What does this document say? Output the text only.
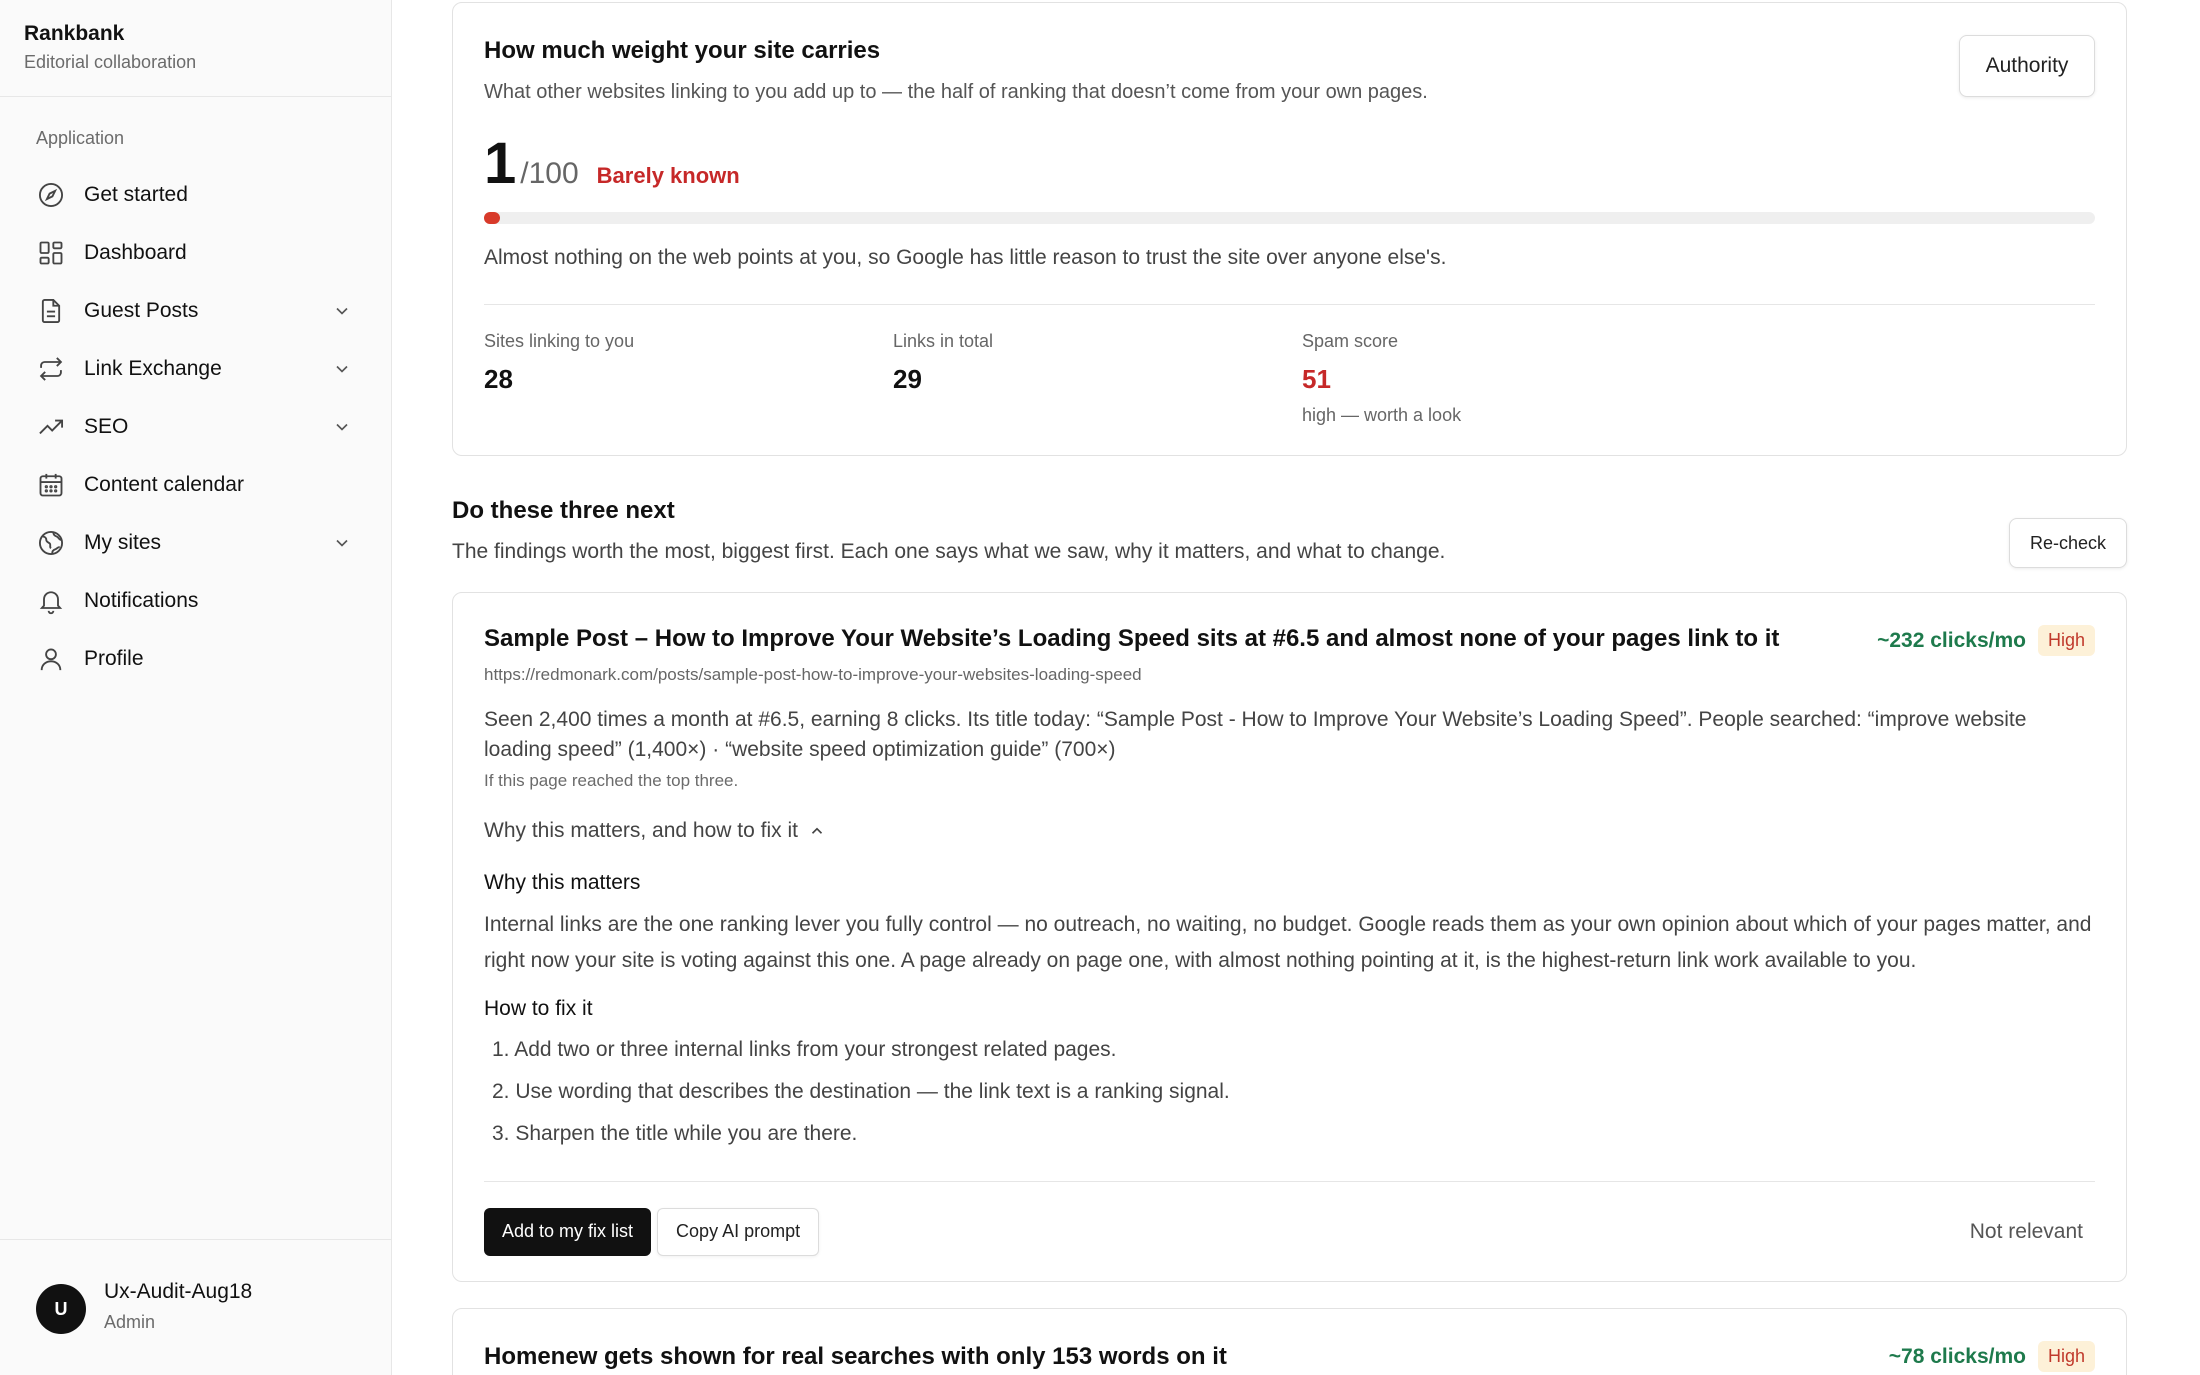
Rankbank
Editorial collaboration
Application
Get started
Dashboard
Guest Posts
Link Exchange
SEO
Content calendar
My sites
Notifications
Profile
U
Ux-Audit-Aug18
Admin
How much weight your site carries
What other websites linking to you add up to — the half of ranking that doesn’t come from your own pages.
Authority
1 /100 Barely known
Almost nothing on the web points at you, so Google has little reason to trust the site over anyone else's.
Sites linking to you
28
Links in total
29
Spam score
51
high — worth a look
Do these three next
The findings worth the most, biggest first. Each one says what we saw, why it matters, and what to change.	Re-check
Sample Post – How to Improve Your Website’s Loading Speed sits at #6.5 and almost none of your pages link to it	~232 clicks/mo	High
https://redmonark.com/posts/sample-post-how-to-improve-your-websites-loading-speed
Seen 2,400 times a month at #6.5, earning 8 clicks. Its title today: “Sample Post - How to Improve Your Website’s Loading Speed”. People searched: “improve website loading speed” (1,400×) · “website speed optimization guide” (700×)
If this page reached the top three.
Why this matters, and how to fix it
Why this matters
Internal links are the one ranking lever you fully control — no outreach, no waiting, no budget. Google reads them as your own opinion about which of your pages matter, and right now your site is voting against this one. A page already on page one, with almost nothing pointing at it, is the highest-return link work available to you.
How to fix it
1. Add two or three internal links from your strongest related pages.
2. Use wording that describes the destination — the link text is a ranking signal.
3. Sharpen the title while you are there.
Add to my fix list	Copy AI prompt	Not relevant
Homenew gets shown for real searches with only 153 words on it	~78 clicks/mo	High
